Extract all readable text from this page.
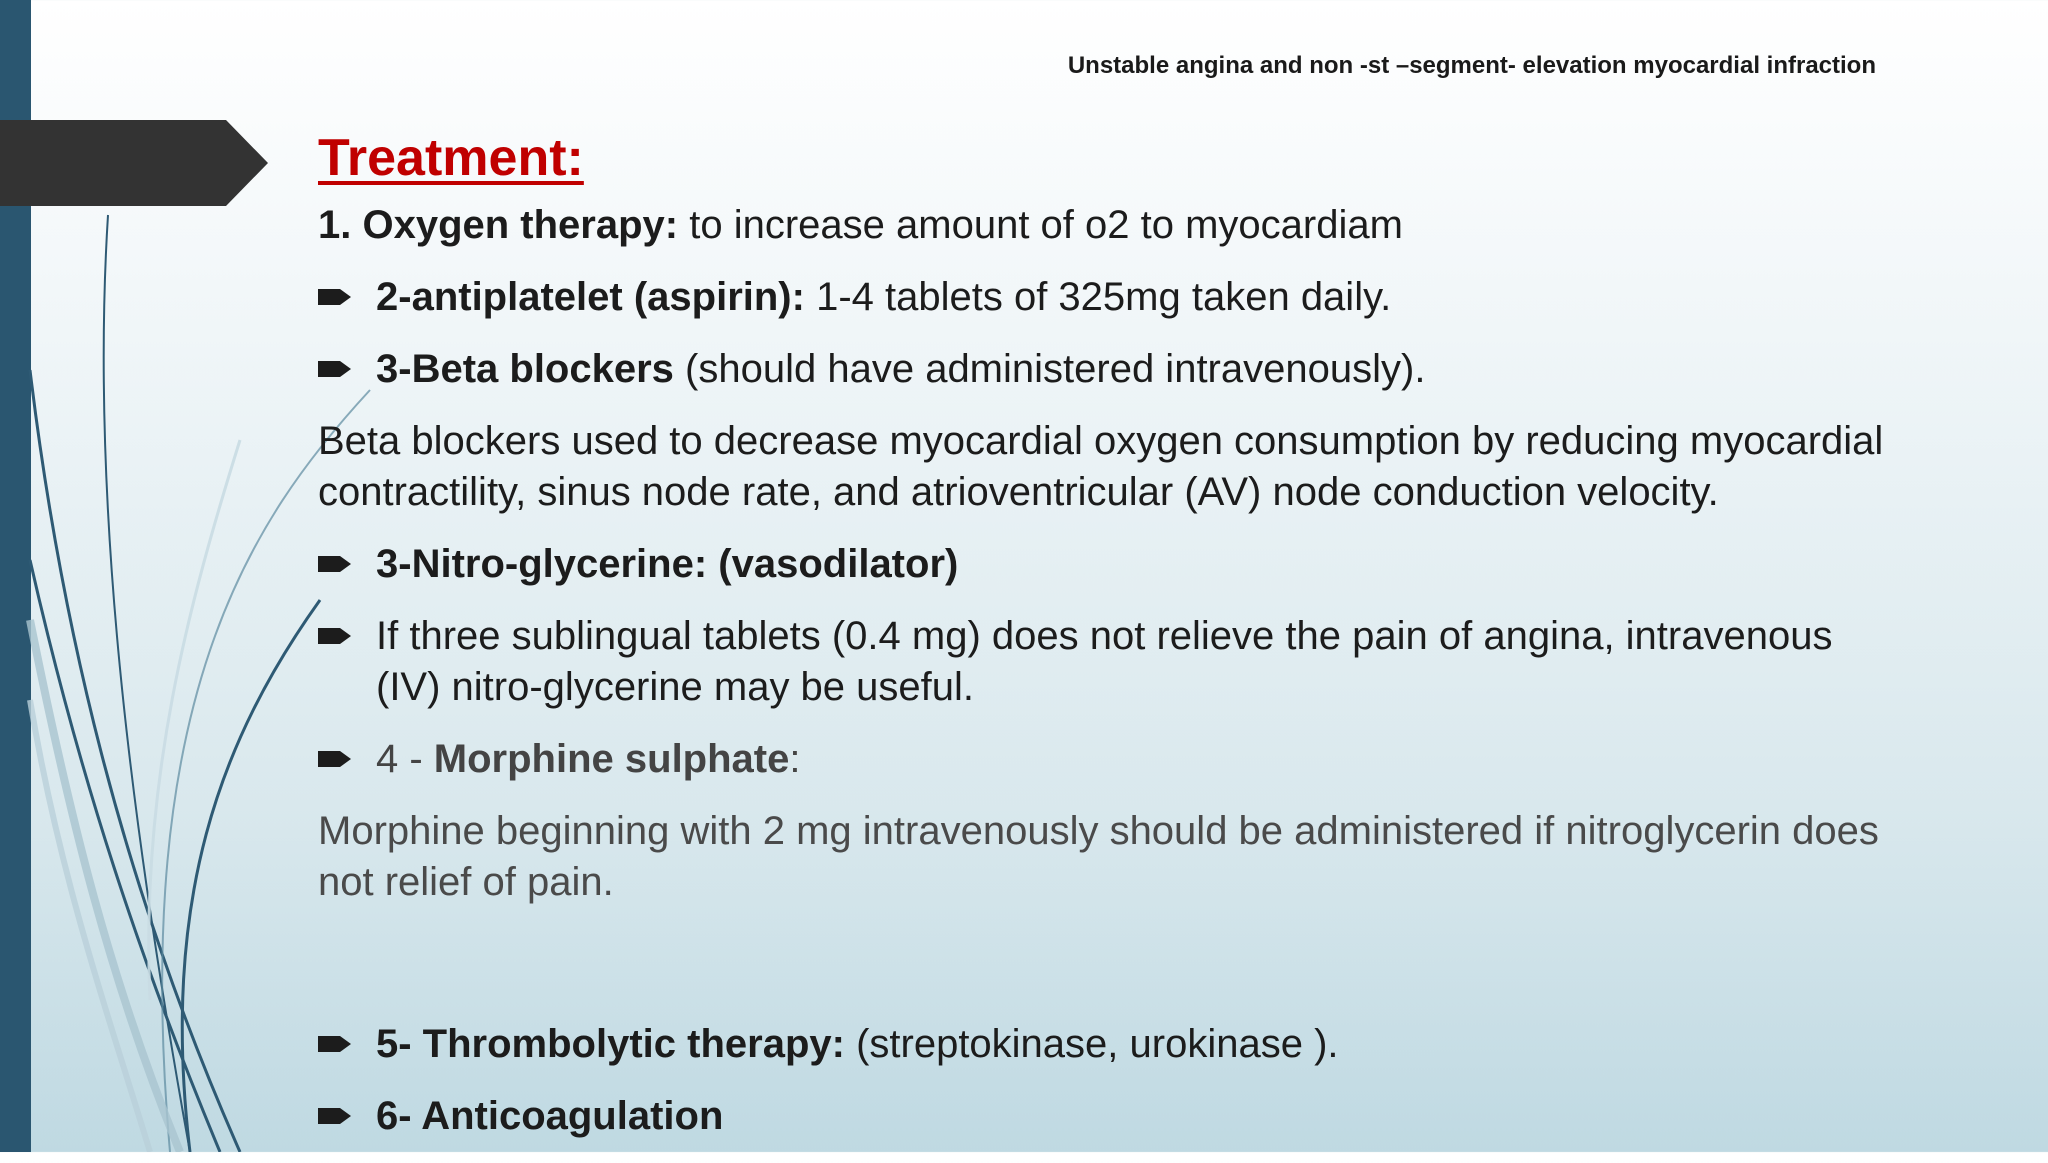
Unstable angina and non -st –segment- elevation myocardial infraction
Treatment:
1. Oxygen therapy: to increase amount of o2 to myocardiam
2-antiplatelet (aspirin): 1-4 tablets of 325mg taken daily.
3-Beta blockers (should have administered intravenously).
Beta blockers used to decrease myocardial oxygen consumption by reducing myocardial contractility, sinus node rate, and atrioventricular (AV) node conduction velocity.
3-Nitro-glycerine: (vasodilator)
If three sublingual tablets (0.4 mg) does not relieve the pain of angina, intravenous (IV) nitro-glycerine may be useful.
4 - Morphine sulphate:
Morphine beginning with 2 mg intravenously should be administered if nitroglycerin does not relief of pain.
5- Thrombolytic therapy: (streptokinase, urokinase ).
6- Anticoagulation
